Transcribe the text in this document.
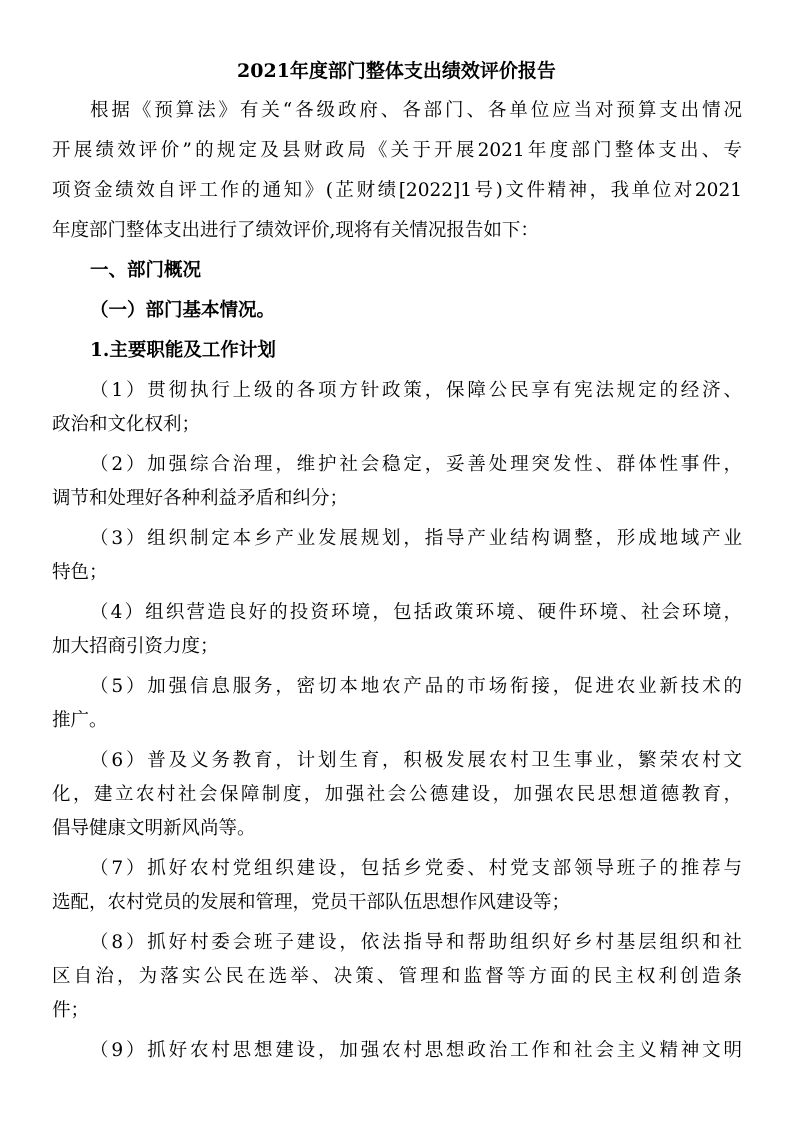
2021年度部门整体支出绩效评价报告
根据《预算法》有关“各级政府、各部门、各单位应当对预算支出情况
开展绩效评价”的规定及县财政局《关于开展2021年度部门整体支出、专
项资金绩效自评工作的通知》(芷财绩[2022]1号)文件精神，我单位对2021
年度部门整体支出进行了绩效评价,现将有关情况报告如下：
一、部门概况
（一）部门基本情况。
1.主要职能及工作计划
（1）贯彻执行上级的各项方针政策，保障公民享有宪法规定的经济、
政治和文化权利；
（2）加强综合治理，维护社会稳定，妥善处理突发性、群体性事件，
调节和处理好各种利益矛盾和纠分；
（3）组织制定本乡产业发展规划，指导产业结构调整，形成地域产业
特色；
（4）组织营造良好的投资环境，包括政策环境、硬件环境、社会环境，
加大招商引资力度；
（5）加强信息服务，密切本地农产品的市场衔接，促进农业新技术的
推广。
（6）普及义务教育，计划生育，积极发展农村卫生事业，繁荣农村文
化，建立农村社会保障制度，加强社会公德建设，加强农民思想道德教育，
倡导健康文明新风尚等。
（7）抓好农村党组织建设，包括乡党委、村党支部领导班子的推荐与
选配，农村党员的发展和管理，党员干部队伍思想作风建设等；
（8）抓好村委会班子建设，依法指导和帮助组织好乡村基层组织和社
区自治，为落实公民在选举、决策、管理和监督等方面的民主权利创造条
件；
（9）抓好农村思想建设，加强农村思想政治工作和社会主义精神文明
